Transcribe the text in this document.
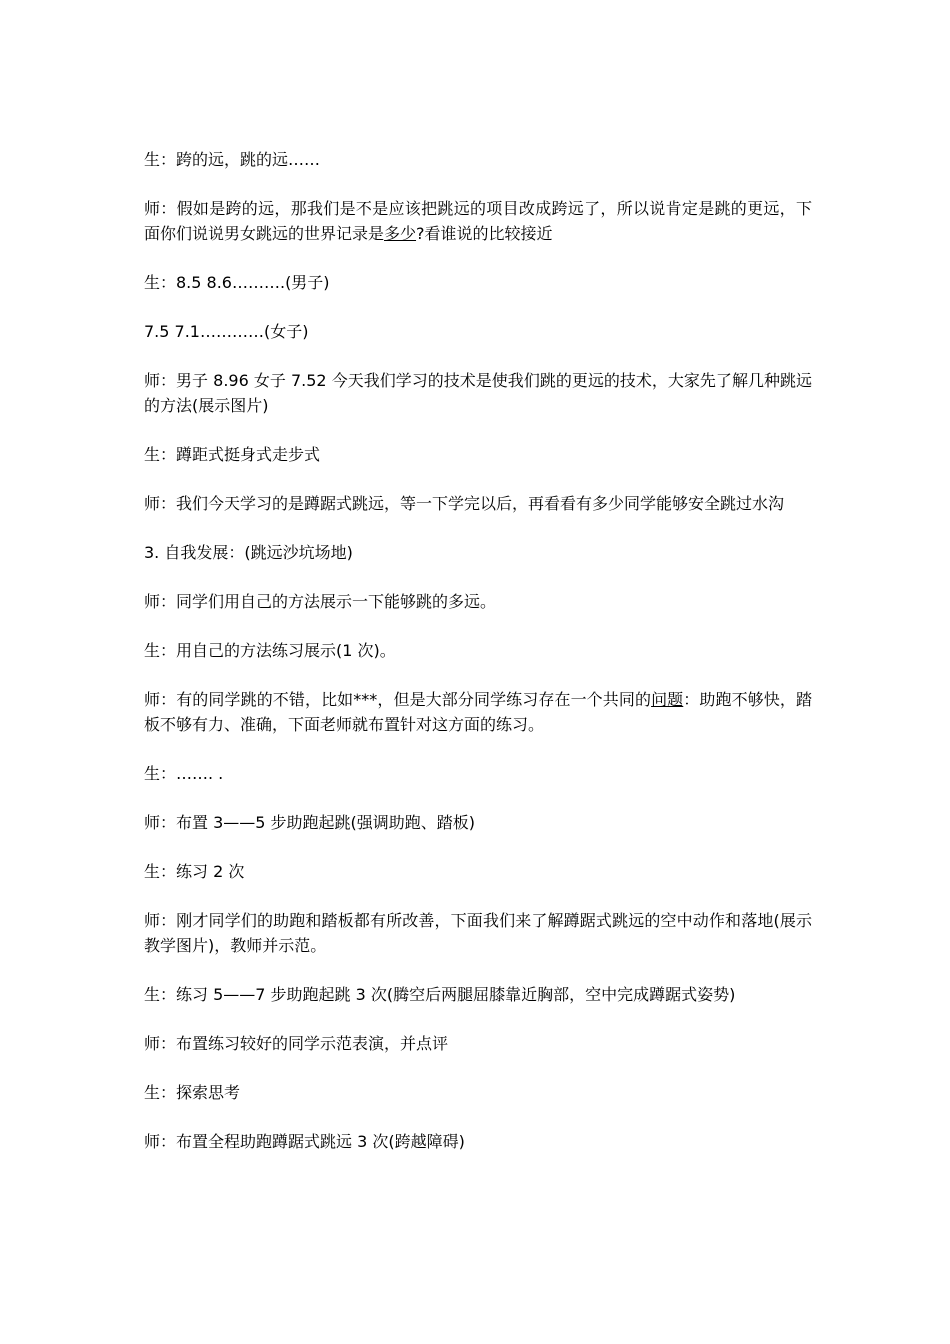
生：跨的远，跳的远……

师：假如是跨的远，那我们是不是应该把跳远的项目改成跨远了，所以说肯定是跳的更远，下面你们说说男女跳远的世界记录是多少?看谁说的比较接近

生：8.5 8.6……….(男子)

7.5 7.1…………(女子)

师：男子 8.96 女子 7.52 今天我们学习的技术是使我们跳的更远的技术，大家先了解几种跳远的方法(展示图片)

生：蹲距式挺身式走步式

师：我们今天学习的是蹲踞式跳远，等一下学完以后，再看看有多少同学能够安全跳过水沟

3. 自我发展：(跳远沙坑场地)

师：同学们用自己的方法展示一下能够跳的多远。

生：用自己的方法练习展示(1 次)。

师：有的同学跳的不错，比如***，但是大部分同学练习存在一个共同的问题：助跑不够快，踏板不够有力、准确，下面老师就布置针对这方面的练习。

生：……. .

师：布置 3——5 步助跑起跳(强调助跑、踏板)

生：练习 2 次

师：刚才同学们的助跑和踏板都有所改善，下面我们来了解蹲踞式跳远的空中动作和落地(展示教学图片)，教师并示范。

生：练习 5——7 步助跑起跳 3 次(腾空后两腿屈膝靠近胸部，空中完成蹲踞式姿势)

师：布置练习较好的同学示范表演，并点评

生：探索思考

师：布置全程助跑蹲踞式跳远 3 次(跨越障碍)
